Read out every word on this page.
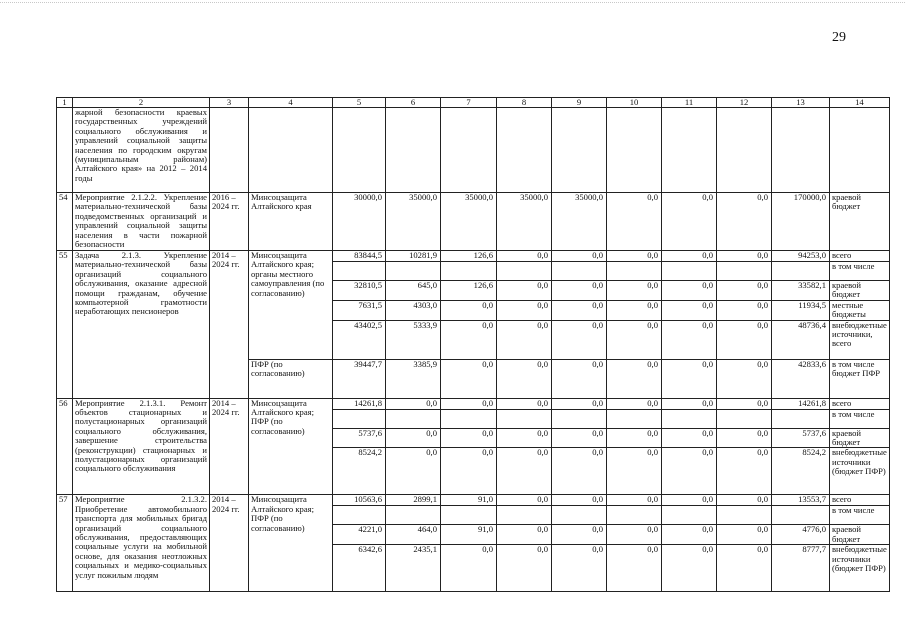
29
1	2	3	4	5	6	7	8	9	10	11	12	13	14
	жарной безопасности краевых государственных учреждений социального обслуживания и управлений социальной защиты населения по городским округам (муниципальным районам) Алтайского края» на 2012 – 2014 годы												
54	Мероприятие 2.1.2.2. Укрепление материально-технической базы подведомственных организаций и управлений социальной защиты населения в части пожарной безопасности	2016 – 2024 гг.	Минсоцзащита Алтайского края	30000,0	35000,0	35000,0	35000,0	35000,0	0,0	0,0	0,0	170000,0	краевой бюджет
55	Задача 2.1.3. Укрепление материально-технической базы организаций социального обслуживания, оказание адресной помощи гражданам, обучение компьютерной грамотности неработающих пенсионеров	2014 – 2024 гг.	Минсоцзащита Алтайского края; органы местного самоуправления (по согласованию)	83844,5	10281,9	126,6	0,0	0,0	0,0	0,0	0,0	94253,0	всего
													в том числе
				32810,5	645,0	126,6	0,0	0,0	0,0	0,0	0,0	33582,1	краевой бюджет
				7631,5	4303,0	0,0	0,0	0,0	0,0	0,0	0,0	11934,5	местные бюджеты
				43402,5	5333,9	0,0	0,0	0,0	0,0	0,0	0,0	48736,4	внебюджетные источники, всего
			ПФР (по согласованию)	39447,7	3385,9	0,0	0,0	0,0	0,0	0,0	0,0	42833,6	в том числе бюджет ПФР
56	Мероприятие 2.1.3.1. Ремонт объектов стационарных и полустационарных организаций социального обслуживания, завершение строительства (реконструкции) стационарных и полустационарных организаций социального обслуживания	2014 – 2024 гг.	Минсоцзащита Алтайского края; ПФР (по согласованию)	14261,8	0,0	0,0	0,0	0,0	0,0	0,0	0,0	14261,8	всего
													в том числе
				5737,6	0,0	0,0	0,0	0,0	0,0	0,0	0,0	5737,6	краевой бюджет
				8524,2	0,0	0,0	0,0	0,0	0,0	0,0	0,0	8524,2	внебюджетные источники (бюджет ПФР)
57	Мероприятие 2.1.3.2. Приобретение автомобильного транспорта для мобильных бригад организаций социального обслуживания, предоставляющих социальные услуги на мобильной основе, для оказания неотложных социальных и медико-социальных услуг пожилым людям	2014 – 2024 гг.	Минсоцзащита Алтайского края; ПФР (по согласованию)	10563,6	2899,1	91,0	0,0	0,0	0,0	0,0	0,0	13553,7	всего
													в том числе
				4221,0	464,0	91,0	0,0	0,0	0,0	0,0	0,0	4776,0	краевой бюджет
				6342,6	2435,1	0,0	0,0	0,0	0,0	0,0	0,0	8777,7	внебюджетные источники (бюджет ПФР)
